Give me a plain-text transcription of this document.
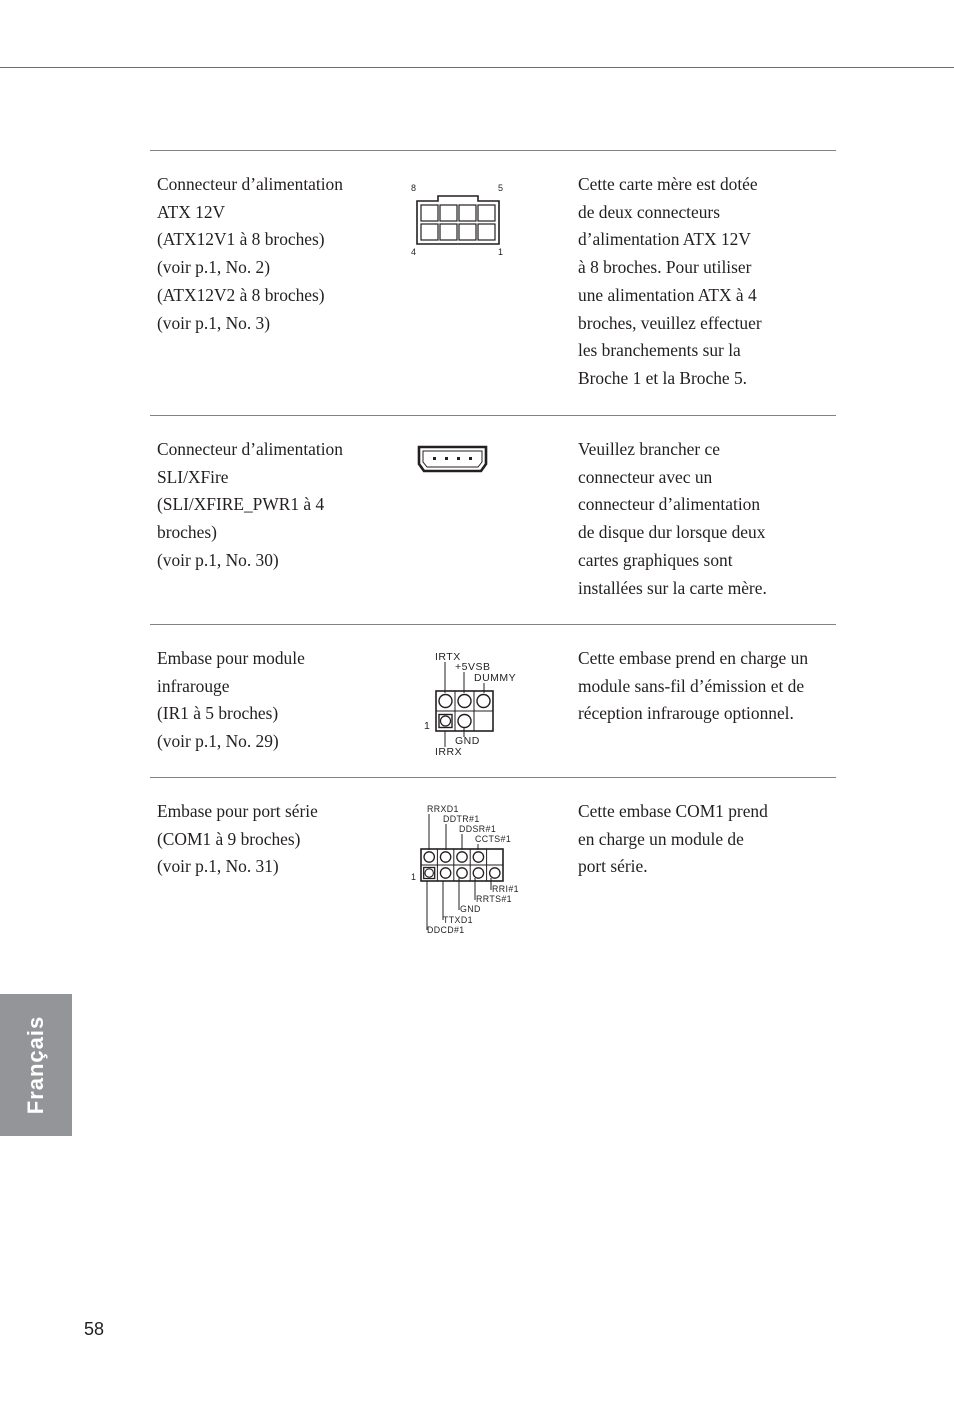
Connecteur d’alimentation
ATX 12V
(ATX12V1 à 8 broches)
(voir p.1, No. 2)
(ATX12V2 à 8 broches)
(voir p.1, No. 3)
8	5
4	1
Cette carte mère est dotée
de deux connecteurs
d’alimentation ATX 12V
à 8 broches. Pour utiliser
une alimentation ATX à 4
broches, veuillez effectuer
les branchements sur la
Broche 1 et la Broche 5.
Connecteur d’alimentation
SLI/XFire
(SLI/XFIRE_PWR1 à 4
broches)
(voir p.1, No. 30)
Veuillez brancher ce
connecteur avec un
connecteur d’alimentation
de disque dur lorsque deux
cartes graphiques sont
installées sur la carte mère.
Embase pour module
infrarouge
(IR1 à 5 broches)
(voir p.1, No. 29)
IRTX
+5VSB
DUMMY
1
GND
IRRX
Cette embase prend en charge un
module sans-fil d’émission et de
réception infrarouge optionnel.
Embase pour port série
(COM1 à 9 broches)
(voir p.1, No. 31)
RRXD1
DDTR#1
DDSR#1
CCTS#1
1
RRI#1
RRTS#1
GND
TTXD1
DDCD#1
Cette embase COM1 prend
en charge un module de
port série.
Français
58
